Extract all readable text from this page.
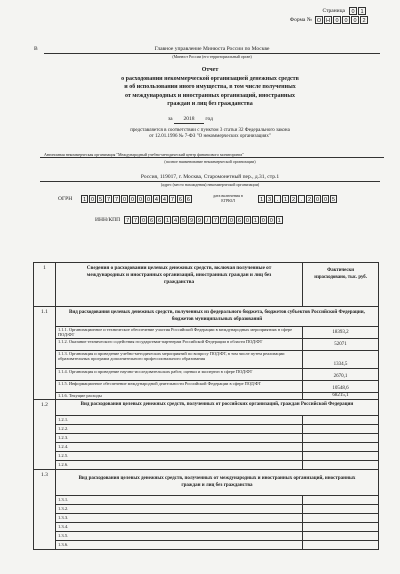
Страница	0	1
Форма № О Н 0	0	0	2
В	Главное управление Минюста России по Москве
(Минюст России (его территориальный орган)
Отчет
о расходовании некоммерческой организацией денежных средств
и об использовании иного имущества, в том числе полученных
от международных и иностранных организаций, иностранных
граждан и лиц без гражданства
за 2018 год
представляется в соответствии с пунктом 3 статьи 32 Федерального закона
от 12.01.1996 № 7-ФЗ "О некоммерческих организациях"
Автономная некоммерческая организация "Международный учебно-методический центр финансового мониторинга"
(полное наименование некоммерческой организации)
Россия, 119017, г. Москва, Старомонетный пер., д.31, стр.1
(адрес (место нахождения) некоммерческой организации)
ОГРН	1 0 5 7 7 0 0 0 0 4 4 7 6 6
дата включения в
ЕГРЮЛ	1 3	.	1 2	.	2 0 0 5
ИНН/КПП	7 7 0 6 6 1 4 5 9 9	/	7 7 0 6 0 1 0 0 1
1	Сведения о расходовании целевых денежных средств, включая полученные от международных и иностранных организаций, иностранных граждан и лиц без гражданства	Фактически израсходовано, тыс. руб.
1.1	Вид расходования целевых денежных средств, полученных из федерального бюджета, бюджетов субъектов Российской Федерации, бюджетов муниципальных образований	
	1.1.1. Организационное и техническое обеспечение участия Российской Федерации в международных мероприятиях в сфере ПОД/ФТ	18393,2
	1.1.2. Оказание технического содействия государствам-партнерам Российской Федерации в области ПОД/ФТ	52071
	1.1.3. Организация и проведение учебно-методических мероприятий по вопросу ПОД/ФТ, в том числе путем реализации образовательных программ дополнительного профессионального образования	1334,5
	1.1.4. Организация и проведение научно-исследовательских работ, оценки и экспертиз в сфере ПОД/ФТ	2670,1
	1.1.5. Информационное обеспечение международной деятельности Российской Федерации в сфере ПОД/ФТ	10548,6
	1.1.6. Текущие расходы	68215,1
1.2	Вид расходования целевых денежных средств, полученных от российских организаций, граждан Российской Федерации	
	1.2.1.	
	1.2.2.	
	1.2.3.	
	1.2.4.	
	1.2.5.	
	1.2.6.	
1.3	Вид расходования целевых денежных средств, полученных от международных и иностранных организаций, иностранных граждан и лиц без гражданства	
	1.3.1.	
	1.3.2.	
	1.3.3.	
	1.3.4.	
	1.3.5.	
	1.3.6.	
